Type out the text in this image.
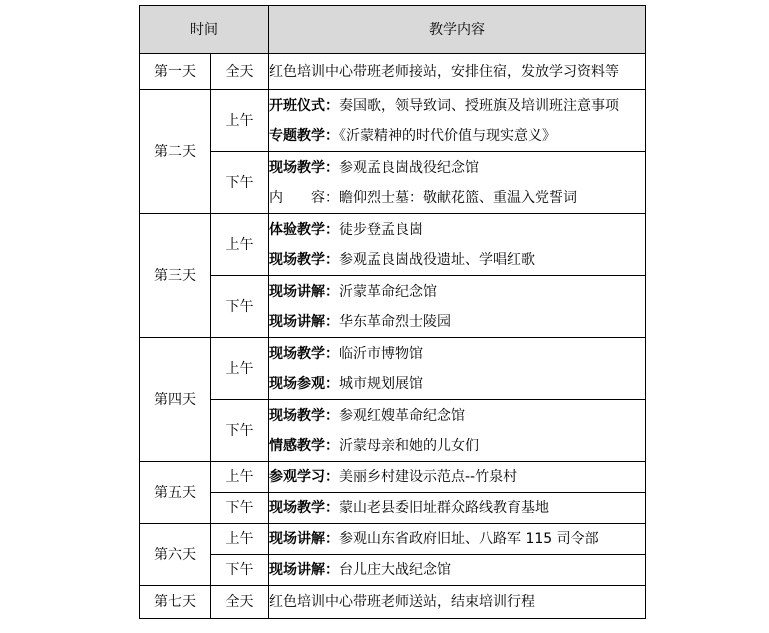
时间		教学内容
第一天	全天	红色培训中心带班老师接站，安排住宿，发放学习资料等

第二天	上午	开班仪式：奏国歌，领导致词、授班旗及培训班注意事项
专题教学：《沂蒙精神的时代价值与现实意义》

	下午	现场教学：参观孟良崮战役纪念馆
内 容：瞻仰烈士墓：敬献花篮、重温入党誓词

第三天	上午	体验教学：徒步登孟良崮
现场教学：参观孟良崮战役遗址、学唱红歌

	下午	现场讲解：沂蒙革命纪念馆
现场讲解：华东革命烈士陵园

第四天	上午	现场教学：临沂市博物馆
现场参观：城市规划展馆

	下午	现场教学：参观红嫂革命纪念馆
情感教学：沂蒙母亲和她的儿女们

第五天	上午	参观学习：美丽乡村建设示范点--竹泉村

	下午	现场教学：蒙山老县委旧址群众路线教育基地

第六天	上午	现场讲解：参观山东省政府旧址、八路军 115 司令部

	下午	现场讲解：台儿庄大战纪念馆

第七天	全天	红色培训中心带班老师送站，结束培训行程
